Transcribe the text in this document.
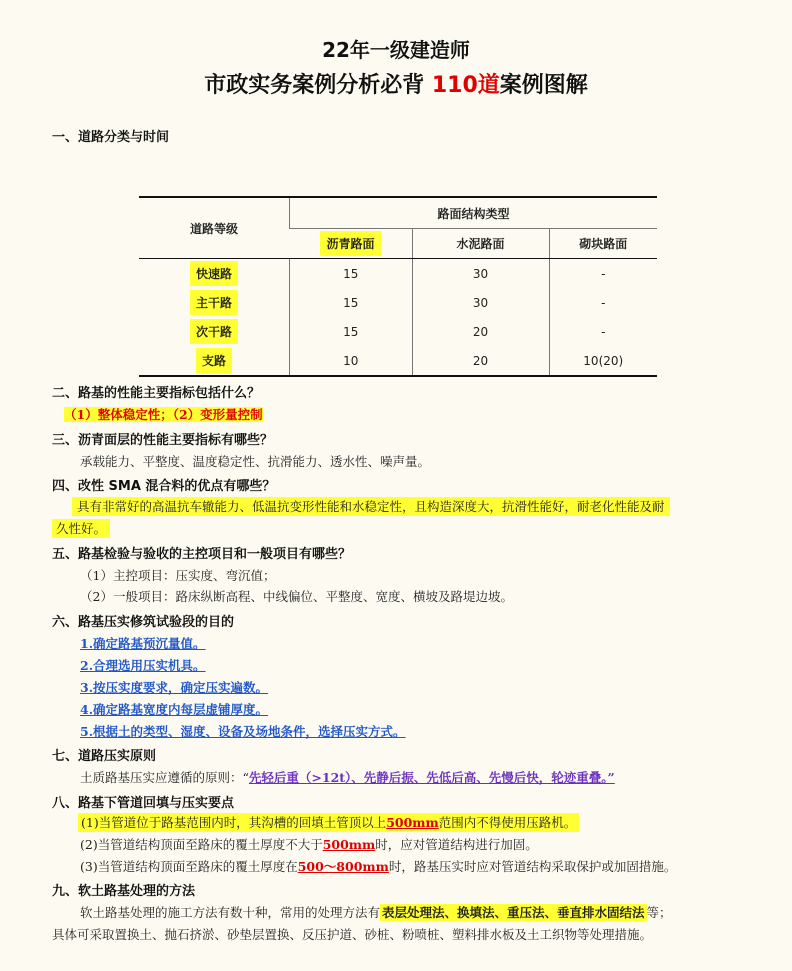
22年一级建造师
市政实务案例分析必背 110道案例图解
一、道路分类与时间
道路等级	路面结构类型		
	沥青路面	水泥路面	砌块路面
快速路	15	30	-
主干路	15	30	-
次干路	15	20	-
支路	10	20	10(20)
二、路基的性能主要指标包括什么？
（1）整体稳定性；（2）变形量控制
三、沥青面层的性能主要指标有哪些？
承载能力、平整度、温度稳定性、抗滑能力、透水性、噪声量。
四、改性 SMA 混合料的优点有哪些？
具有非常好的高温抗车辙能力、低温抗变形性能和水稳定性，且构造深度大，抗滑性能好，耐老化性能及耐
久性好。
五、路基检验与验收的主控项目和一般项目有哪些？
（1）主控项目：压实度、弯沉值；
（2）一般项目：路床纵断高程、中线偏位、平整度、宽度、横坡及路堤边坡。
六、路基压实修筑试验段的目的
1.确定路基预沉量值。
2.合理选用压实机具。
3.按压实度要求，确定压实遍数。
4.确定路基宽度内每层虚铺厚度。
5.根据土的类型、湿度、设备及场地条件，选择压实方式。
七、道路压实原则
土质路基压实应遵循的原则：“先轻后重（>12t）、先静后振、先低后高、先慢后快，轮迹重叠。”
八、路基下管道回填与压实要点
(1)当管道位于路基范围内时，其沟槽的回填土管顶以上500mm范围内不得使用压路机。
(2)当管道结构顶面至路床的覆土厚度不大于500mm时，应对管道结构进行加固。
(3)当管道结构顶面至路床的覆土厚度在500～800mm时，路基压实时应对管道结构采取保护或加固措施。
九、软土路基处理的方法
软土路基处理的施工方法有数十种，常用的处理方法有 表层处理法、换填法、重压法、垂直排水固结法 等；
具体可采取置换土、抛石挤淤、砂垫层置换、反压护道、砂桩、粉喷桩、塑料排水板及土工织物等处理措施。
